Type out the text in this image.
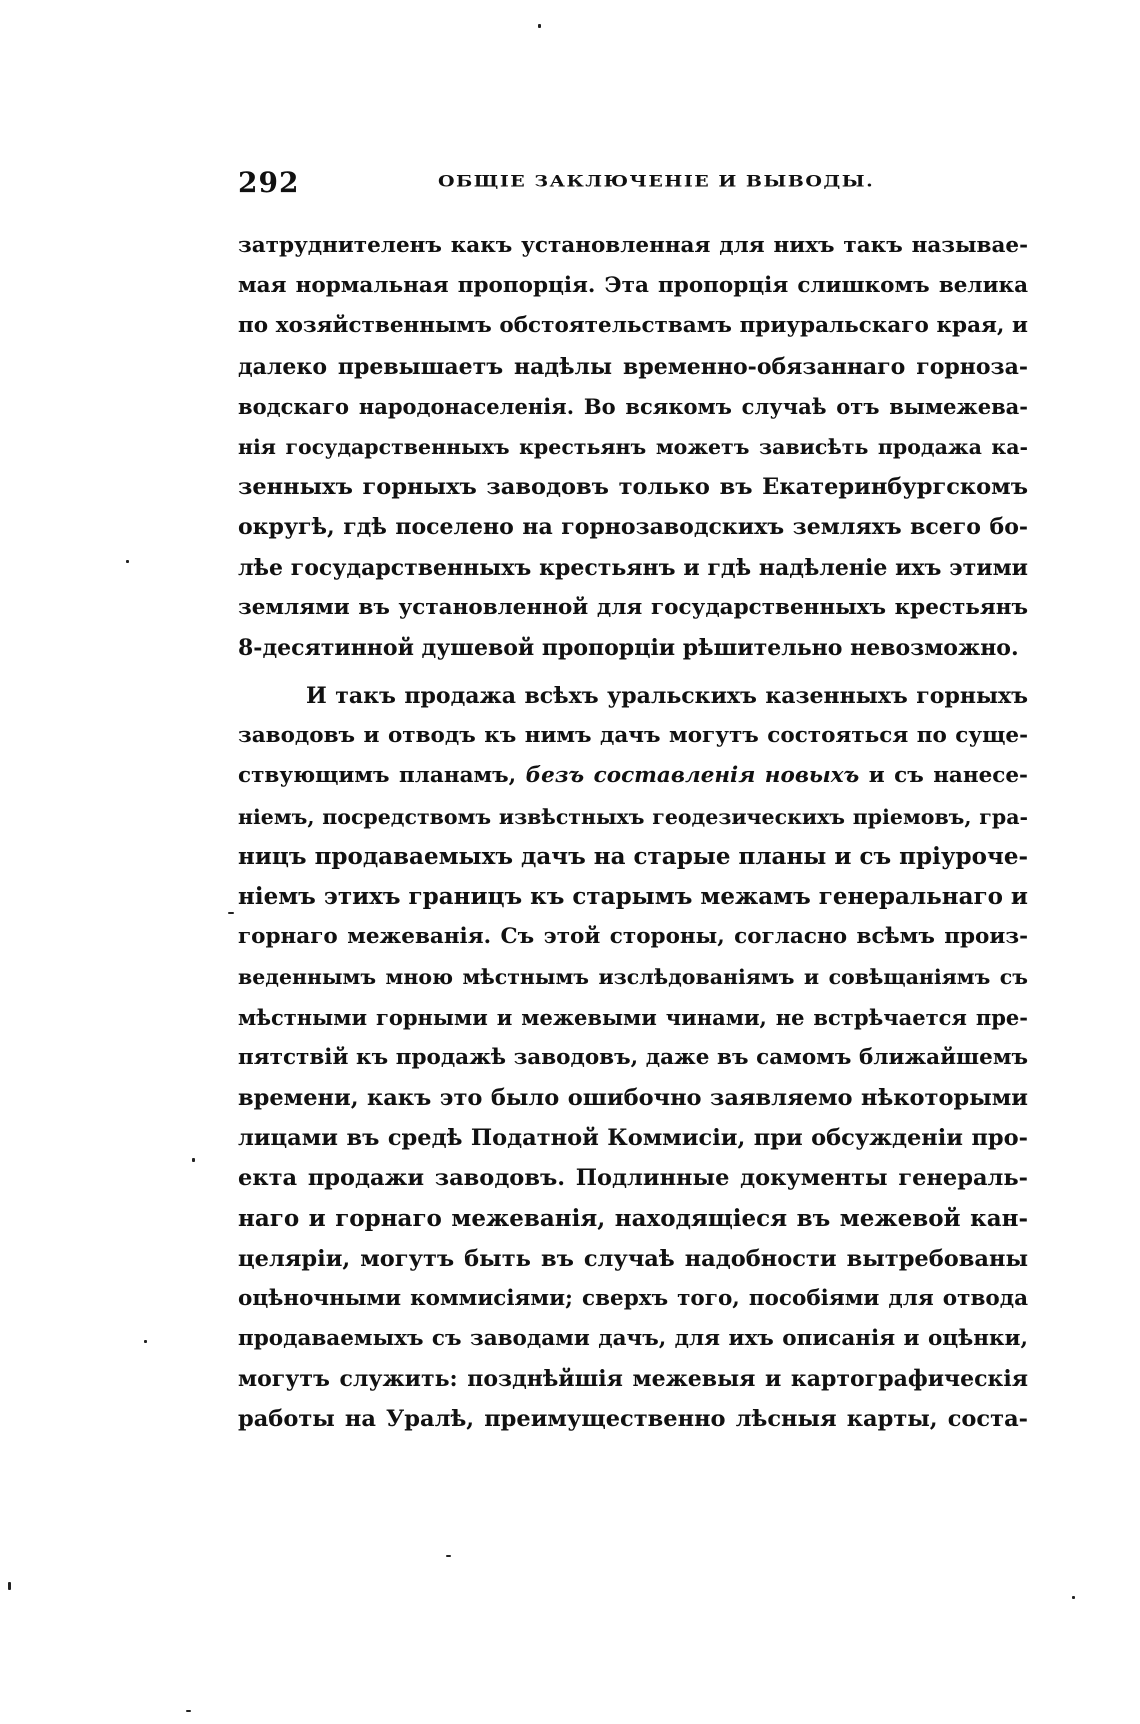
292	ОБЩІЕ ЗАКЛЮЧЕНІЕ И ВЫВОДЫ.
затруднителенъ какъ установленная для нихъ такъ называе-
мая нормальная пропорція. Эта пропорція слишкомъ велика
по хозяйственнымъ обстоятельствамъ приуральскаго края, и
далеко превышаетъ надѣлы временно-обязаннаго горноза-
водскаго народонаселенія. Во всякомъ случаѣ отъ вымежева-
нія государственныхъ крестьянъ можетъ зависѣть продажа ка-
зенныхъ горныхъ заводовъ только въ Екатеринбургскомъ
округѣ, гдѣ поселено на горнозаводскихъ земляхъ всего бо-
лѣе государственныхъ крестьянъ и гдѣ надѣленіе ихъ этими
землями въ установленной для государственныхъ крестьянъ
8-десятинной душевой пропорціи рѣшительно невозможно.
И такъ продажа всѣхъ уральскихъ казенныхъ горныхъ
заводовъ и отводъ къ нимъ дачъ могутъ состояться по суще-
ствующимъ планамъ, безъ составленія новыхъ и съ нанесе-
ніемъ, посредствомъ извѣстныхъ геодезическихъ пріемовъ, гра-
ницъ продаваемыхъ дачъ на старые планы и съ пріуроче-
ніемъ этихъ границъ къ старымъ межамъ генеральнаго и
горнаго межеванія. Съ этой стороны, согласно всѣмъ произ-
веденнымъ мною мѣстнымъ изслѣдованіямъ и совѣщаніямъ съ
мѣстными горными и межевыми чинами, не встрѣчается пре-
пятствій къ продажѣ заводовъ, даже въ самомъ ближайшемъ
времени, какъ это было ошибочно заявляемо нѣкоторыми
лицами въ средѣ Податной Коммисіи, при обсужденіи про-
екта продажи заводовъ. Подлинные документы генераль-
наго и горнаго межеванія, находящіеся въ межевой кан-
целяріи, могутъ быть въ случаѣ надобности вытребованы
оцѣночными коммисіями; сверхъ того, пособіями для отвода
продаваемыхъ съ заводами дачъ, для ихъ описанія и оцѣнки,
могутъ служить: позднѣйшія межевыя и картографическія
работы на Уралѣ, преимущественно лѣсныя карты, соста-
